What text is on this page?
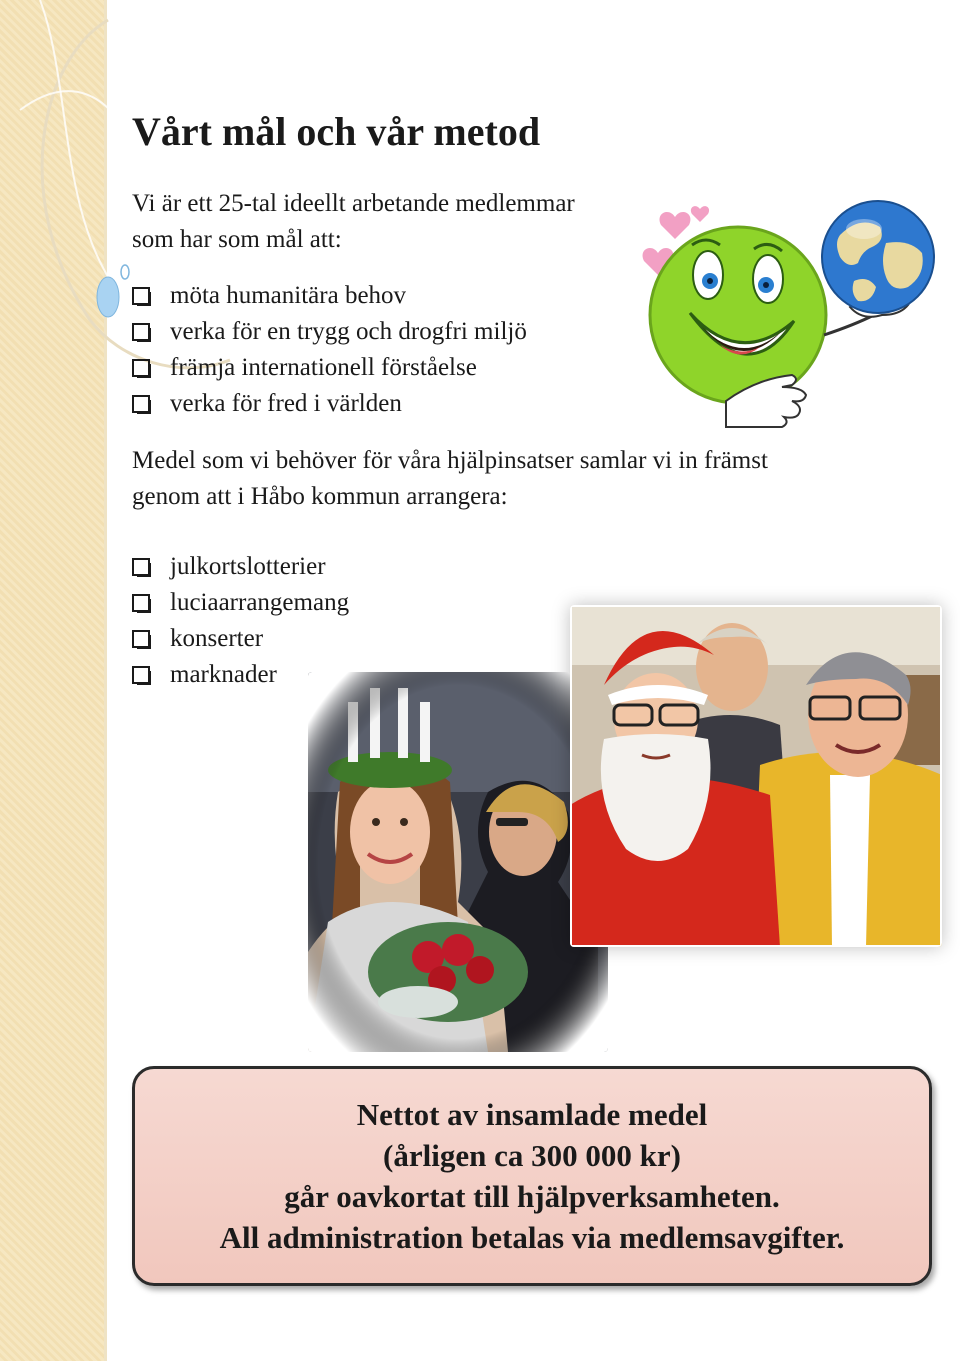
Vårt mål och vår metod
Vi är ett 25-tal ideellt arbetande medlemmar
som har som mål att:
möta humanitära behov
verka för en trygg och drogfri miljö
främja internationell förståelse
verka för fred i världen
Medel som vi behöver för våra hjälpinsatser samlar vi in främst
genom att i Håbo kommun arrangera:
julkortslotterier
luciaarrangemang
konserter
marknader
Nettot av insamlade medel
(årligen ca 300 000 kr)
går oavkortat till hjälpverksamheten.
All administration betalas via medlemsavgifter.
